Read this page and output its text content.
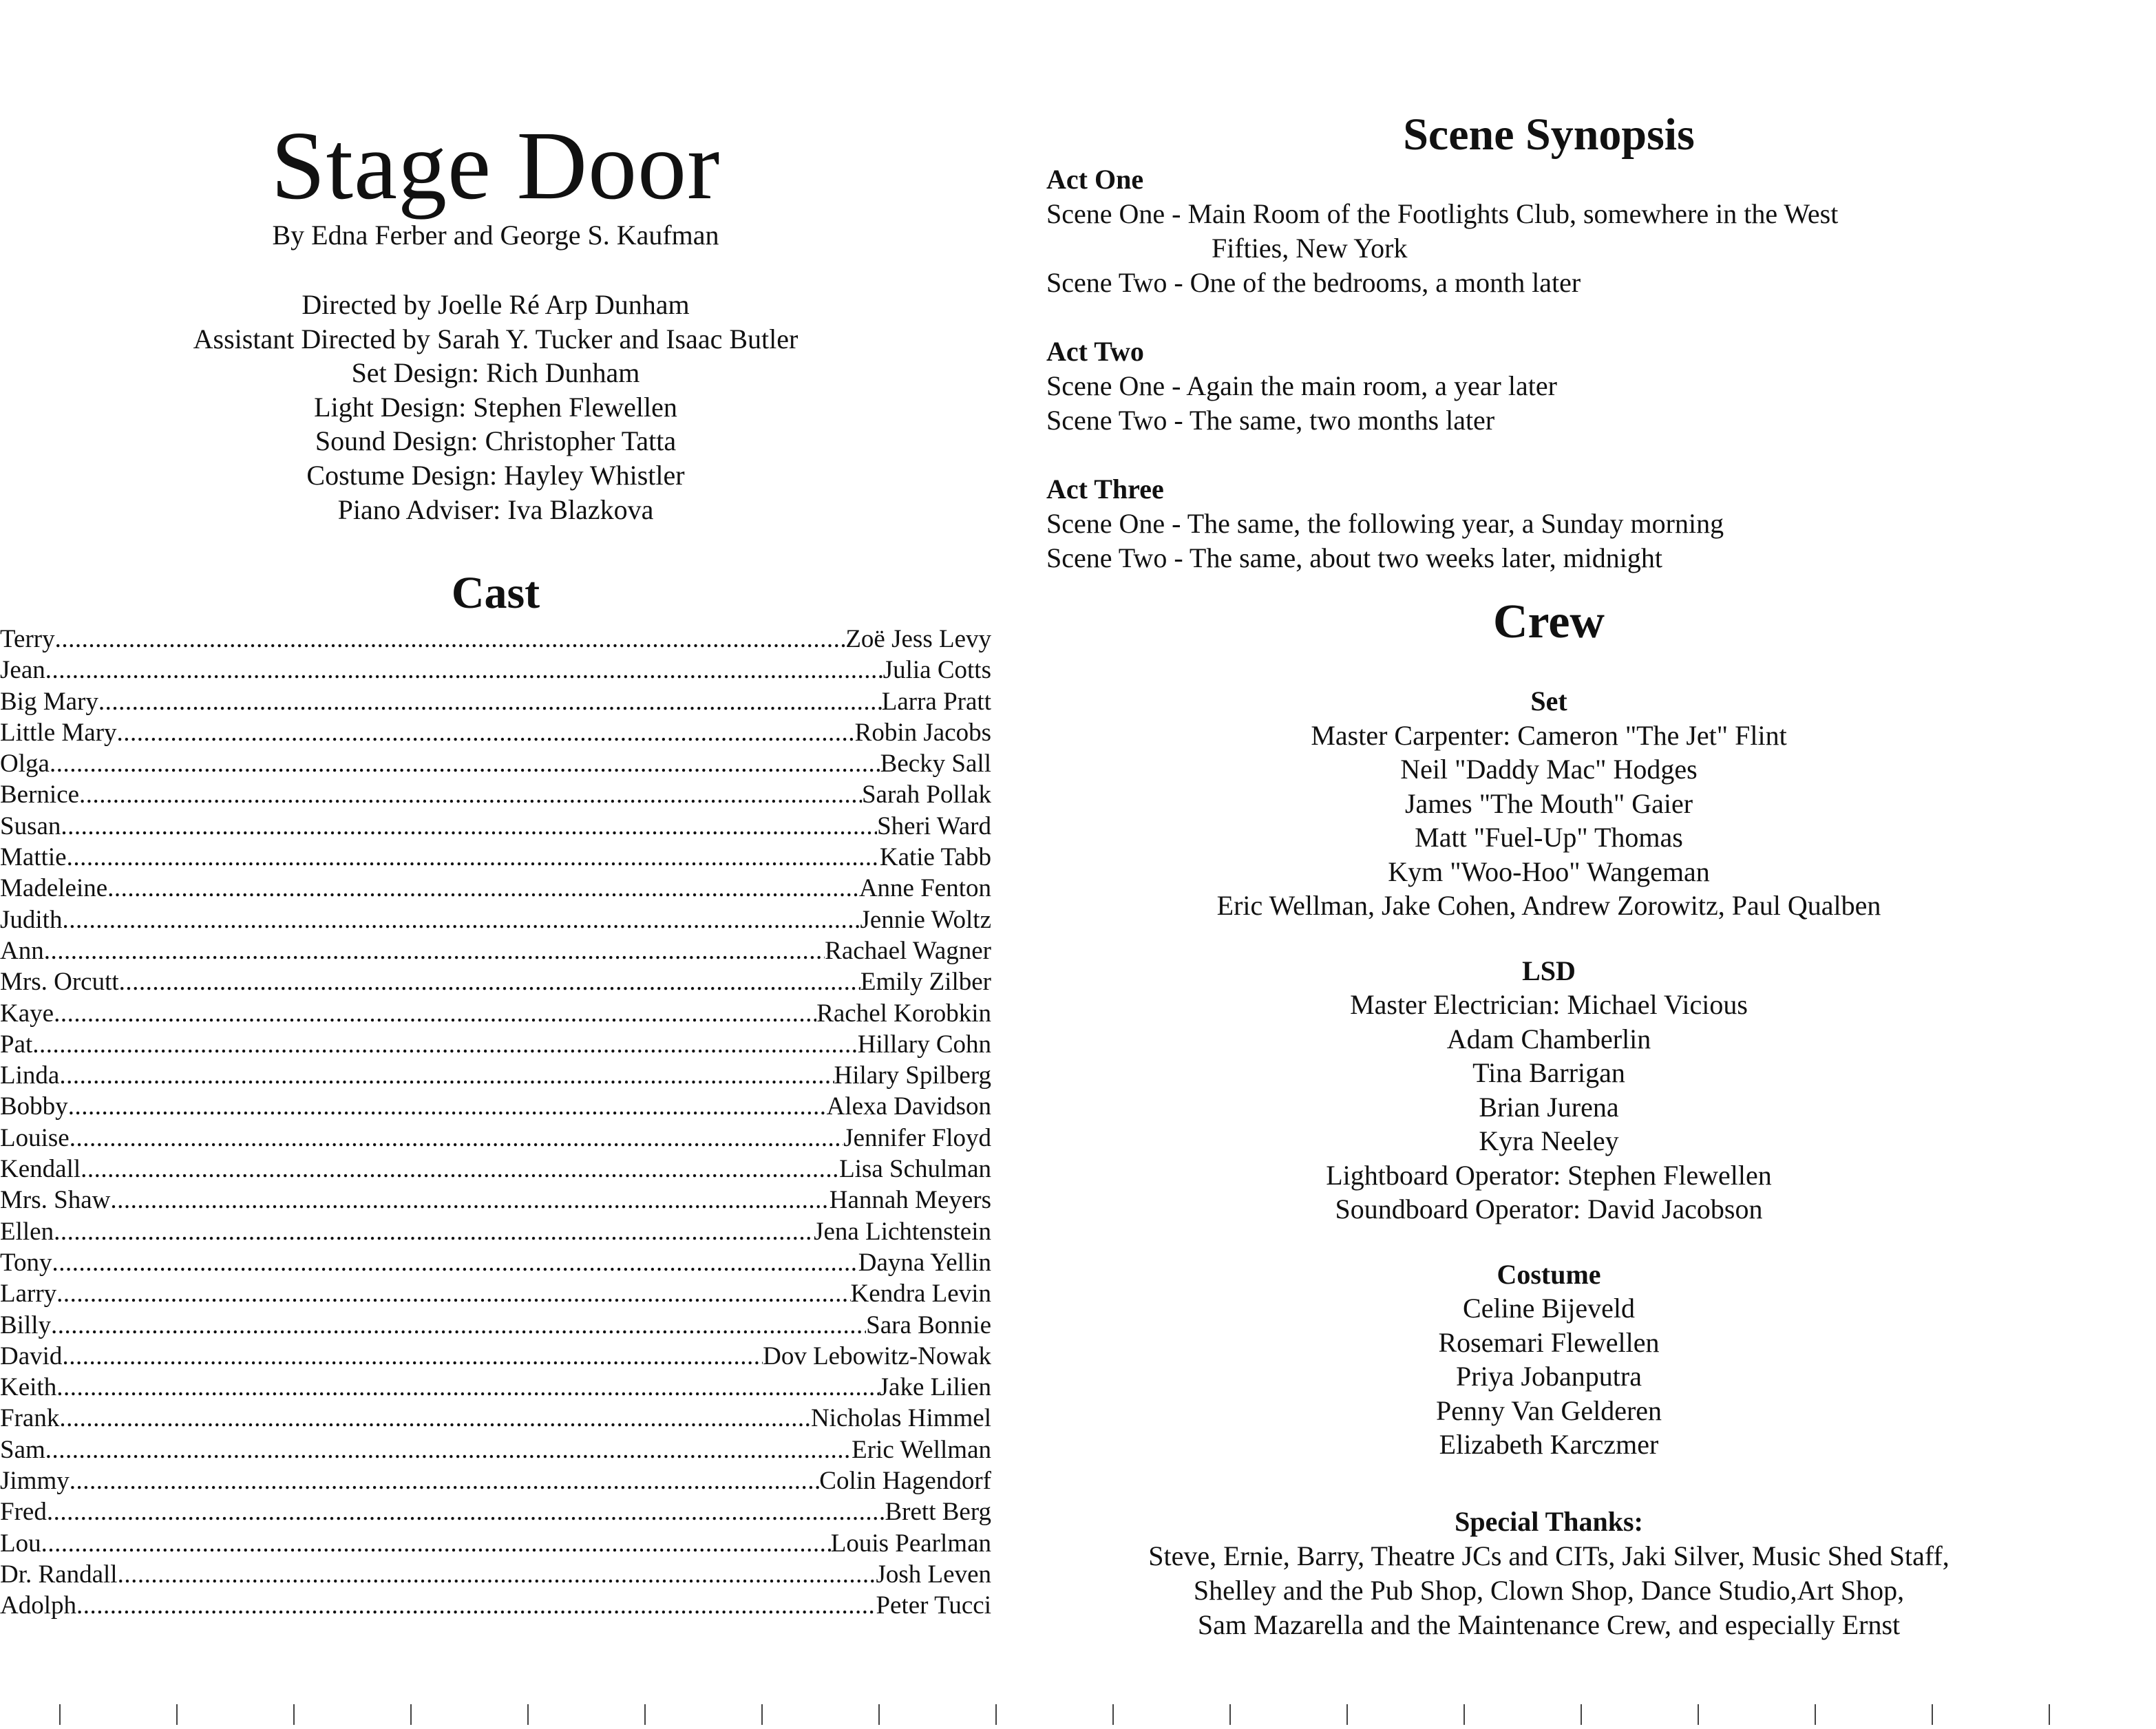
Stage Door
By Edna Ferber and George S. Kaufman
Directed by Joelle Ré Arp Dunham
Assistant Directed by Sarah Y. Tucker and Isaac Butler
Set Design: Rich Dunham
Light Design: Stephen Flewellen
Sound Design: Christopher Tatta
Costume Design: Hayley Whistler
Piano Adviser: Iva Blazkova
Cast
Terry .....	Zoë Jess Levy
Jean .....	Julia Cotts
Big Mary .....	Larra Pratt
Little Mary .....	Robin Jacobs
Olga .....	Becky Sall
Bernice .....	Sarah Pollak
Susan .....	Sheri Ward
Mattie .....	Katie Tabb
Madeleine .....	Anne Fenton
Judith .....	Jennie Woltz
Ann .....	Rachael Wagner
Mrs. Orcutt .....	Emily Zilber
Kaye .....	Rachel Korobkin
Pat .....	Hillary Cohn
Linda .....	Hilary Spilberg
Bobby .....	Alexa Davidson
Louise .....	Jennifer Floyd
Kendall .....	Lisa Schulman
Mrs. Shaw .....	Hannah Meyers
Ellen .....	Jena Lichtenstein
Tony .....	Dayna Yellin
Larry .....	Kendra Levin
Billy .....	Sara Bonnie
David .....	Dov Lebowitz-Nowak
Keith .....	Jake Lilien
Frank .....	Nicholas Himmel
Sam .....	Eric Wellman
Jimmy .....	Colin Hagendorf
Fred .....	Brett Berg
Lou .....	Louis Pearlman
Dr. Randall .....	Josh Leven
Adolph .....	Peter Tucci
Scene Synopsis
Act One
Scene One - Main Room of the Footlights Club, somewhere in the West
Fifties, New York
Scene Two - One of the bedrooms, a month later
Act Two
Scene One - Again the main room, a year later
Scene Two - The same, two months later
Act Three
Scene One - The same, the following year, a Sunday morning
Scene Two - The same, about two weeks later, midnight
Crew
Set
Master Carpenter: Cameron "The Jet" Flint
Neil "Daddy Mac" Hodges
James "The Mouth" Gaier
Matt "Fuel-Up" Thomas
Kym "Woo-Hoo" Wangeman
Eric Wellman, Jake Cohen, Andrew Zorowitz, Paul Qualben
LSD
Master Electrician: Michael Vicious
Adam Chamberlin
Tina Barrigan
Brian Jurena
Kyra Neeley
Lightboard Operator: Stephen Flewellen
Soundboard Operator: David Jacobson
Costume
Celine Bijeveld
Rosemari Flewellen
Priya Jobanputra
Penny Van Gelderen
Elizabeth Karczmer
Special Thanks:
Steve, Ernie, Barry, Theatre JCs and CITs, Jaki Silver, Music Shed Staff,
Shelley and the Pub Shop, Clown Shop, Dance Studio,Art Shop,
Sam Mazarella and the Maintenance Crew, and especially Ernst
